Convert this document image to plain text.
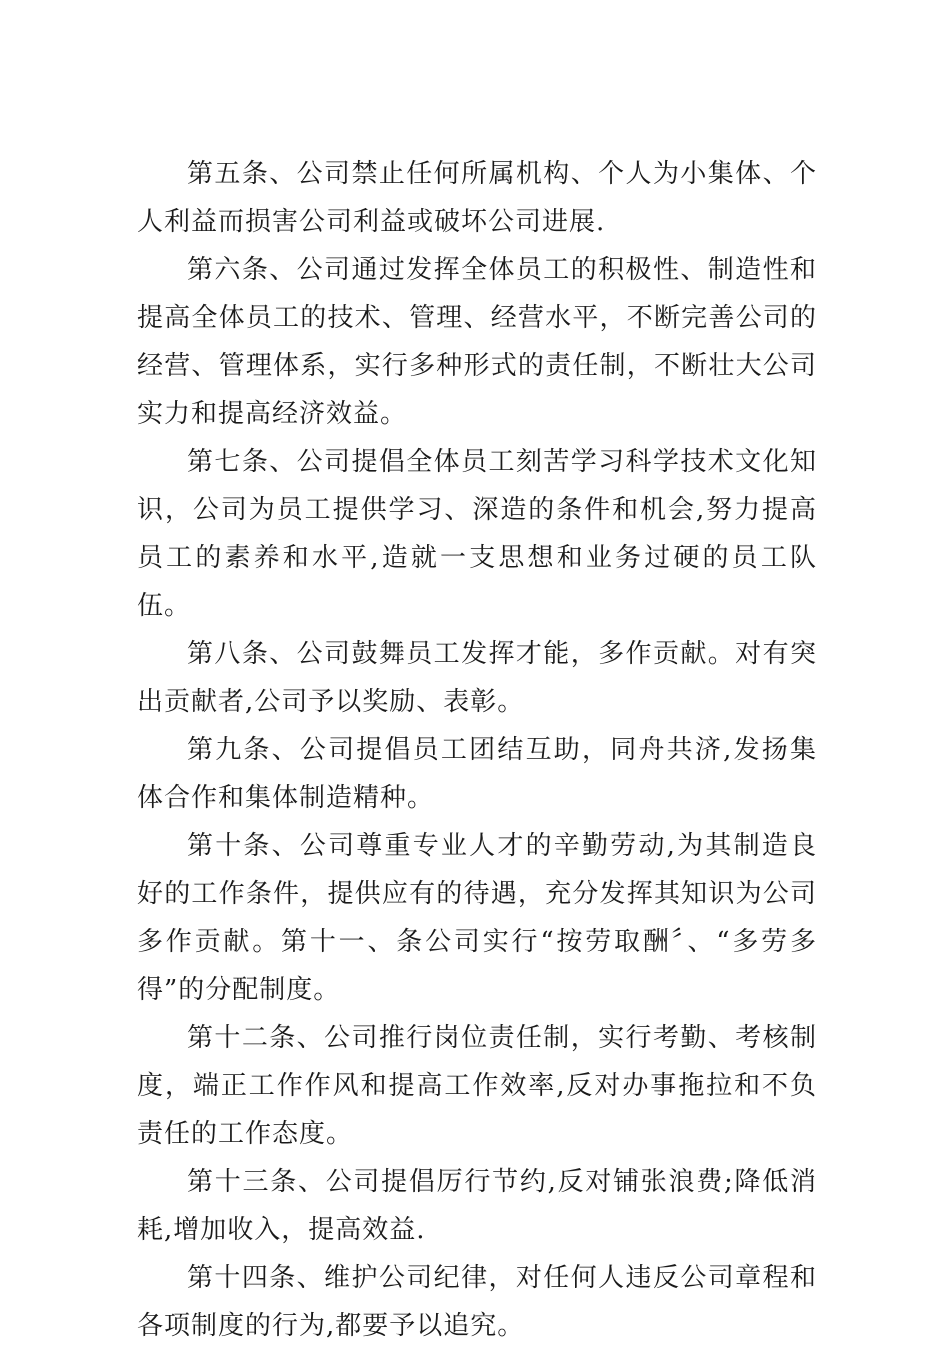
第五条、公司禁止任何所属机构、个人为小集体、个人利益而损害公司利益或破坏公司进展.

第六条、公司通过发挥全体员工的积极性、制造性和提高全体员工的技术、管理、经营水平，不断完善公司的经营、管理体系，实行多种形式的责任制，不断壮大公司实力和提高经济效益。

第七条、公司提倡全体员工刻苦学习科学技术文化知识，公司为员工提供学习、深造的条件和机会,努力提高员工的素养和水平,造就一支思想和业务过硬的员工队伍。

第八条、公司鼓舞员工发挥才能，多作贡献。对有突出贡献者,公司予以奖励、表彰。

第九条、公司提倡员工团结互助，同舟共济,发扬集体合作和集体制造精种。

第十条、公司尊重专业人才的辛勤劳动,为其制造良好的工作条件，提供应有的待遇，充分发挥其知识为公司多作贡献。第十一、条公司实行“按劳取酬〞、“多劳多得”的分配制度。

第十二条、公司推行岗位责任制，实行考勤、考核制度，端正工作作风和提高工作效率,反对办事拖拉和不负责任的工作态度。

第十三条、公司提倡厉行节约,反对铺张浪费;降低消耗,增加收入，提高效益.

第十四条、维护公司纪律，对任何人违反公司章程和各项制度的行为,都要予以追究。
